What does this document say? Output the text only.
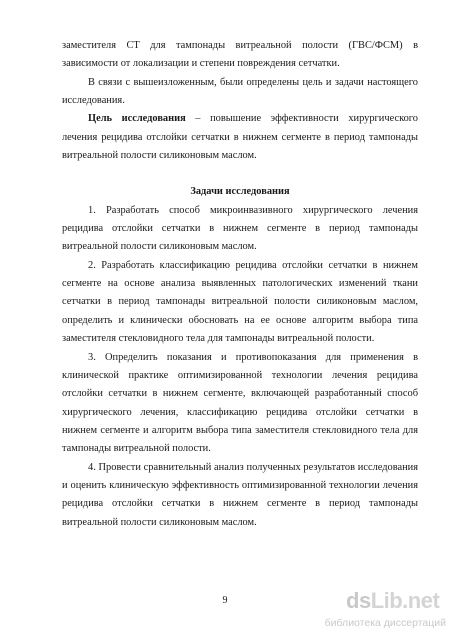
заместителя СТ для тампонады витреальной полости (ГВС/ФСМ) в зависимости от локализации и степени повреждения сетчатки.

В связи с вышеизложенным, были определены цель и задачи настоящего исследования.

Цель исследования – повышение эффективности хирургического лечения рецидива отслойки сетчатки в нижнем сегменте в период тампонады витреальной полости силиконовым маслом.

Задачи исследования

1. Разработать способ микроинвазивного хирургического лечения рецидива отслойки сетчатки в нижнем сегменте в период тампонады витреальной полости силиконовым маслом.

2. Разработать классификацию рецидива отслойки сетчатки в нижнем сегменте на основе анализа выявленных патологических изменений ткани сетчатки в период тампонады витреальной полости силиконовым маслом, определить и клинически обосновать на ее основе алгоритм выбора типа заместителя стекловидного тела для тампонады витреальной полости.

3. Определить показания и противопоказания для применения в клинической практике оптимизированной технологии лечения рецидива отслойки сетчатки в нижнем сегменте, включающей разработанный способ хирургического лечения, классификацию рецидива отслойки сетчатки в нижнем сегменте и алгоритм выбора типа заместителя стекловидного тела для тампонады витреальной полости.

4. Провести сравнительный анализ полученных результатов исследования и оценить клиническую эффективность оптимизированной технологии лечения рецидива отслойки сетчатки в нижнем сегменте в период тампонады витреальной полости силиконовым маслом.

9	dsLib.net
библиотека диссертаций
